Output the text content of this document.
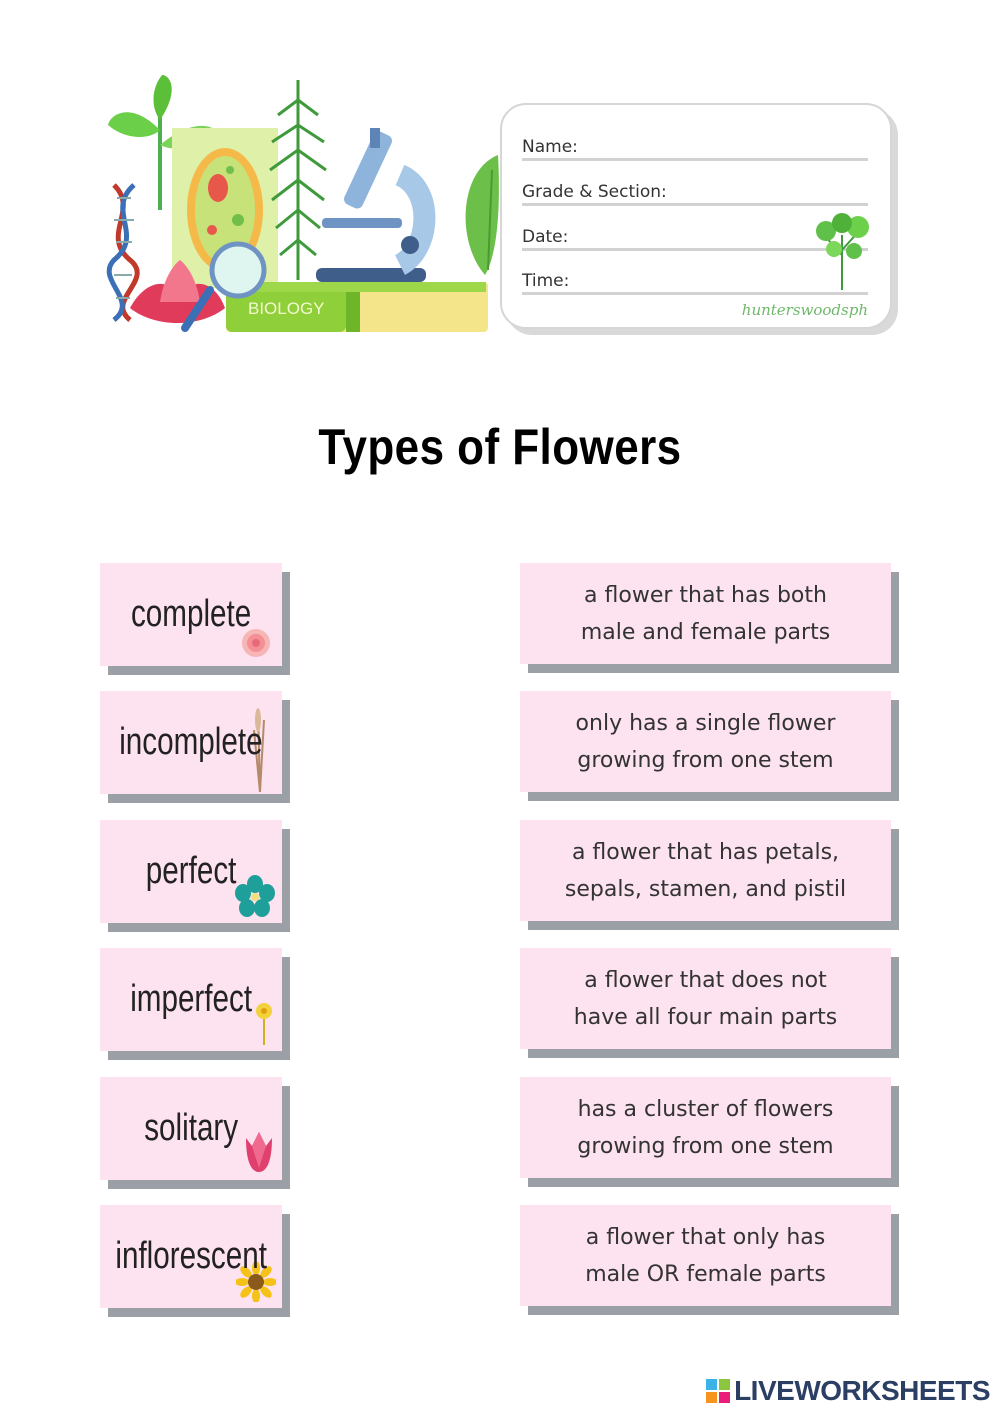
BIOLOGY
Name:
Grade & Section:
Date:
Time:
hunterswoodsph
Types of Flowers
complete
incomplete
perfect
imperfect
solitary
inflorescent
a flower that has both
male and female parts
only has a single flower
growing from one stem
a flower that has petals,
sepals, stamen, and pistil
a flower that does not
have all four main parts
has a cluster of flowers
growing from one stem
a flower that only has
male OR female parts
LIVEWORKSHEETS
